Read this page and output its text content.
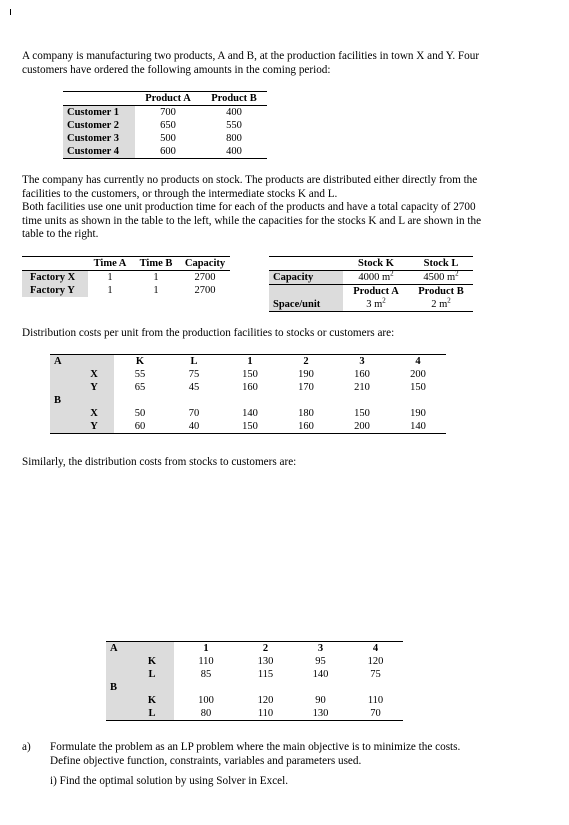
A company is manufacturing two products, A and B, at the production facilities in town X and Y. Four customers have ordered the following amounts in the coming period:
	Product A	Product B
Customer 1	700	400
Customer 2	650	550
Customer 3	500	800
Customer 4	600	400
The company has currently no products on stock. The products are distributed either directly from the facilities to the customers, or through the intermediate stocks K and L.
Both facilities use one unit production time for each of the products and have a total capacity of 2700 time units as shown in the table to the left, while the capacities for the stocks K and L are shown in the table to the right.
	Time A	Time B	Capacity
Factory X	1	1	2700
Factory Y	1	1	2700
	Stock K	Stock L
Capacity	4000 $m^2$	4500 $m^2$
	Product A	Product B
Space/unit	3 $m^2$	2 $m^2$
Distribution costs per unit from the production facilities to stocks or customers are:
A		K	L	1	2	3	4
	X	55	75	150	190	160	200
	Y	65	45	160	170	210	150
B							
	X	50	70	140	180	150	190
	Y	60	40	150	160	200	140
Similarly, the distribution costs from stocks to customers are:
A		1	2	3	4
	K	110	130	95	120
	L	85	115	140	75
B					
	K	100	120	90	110
	L	80	110	130	70
a) Formulate the problem as an LP problem where the main objective is to minimize the costs. Define objective function, constraints, variables and parameters used.
i) Find the optimal solution by using Solver in Excel.
